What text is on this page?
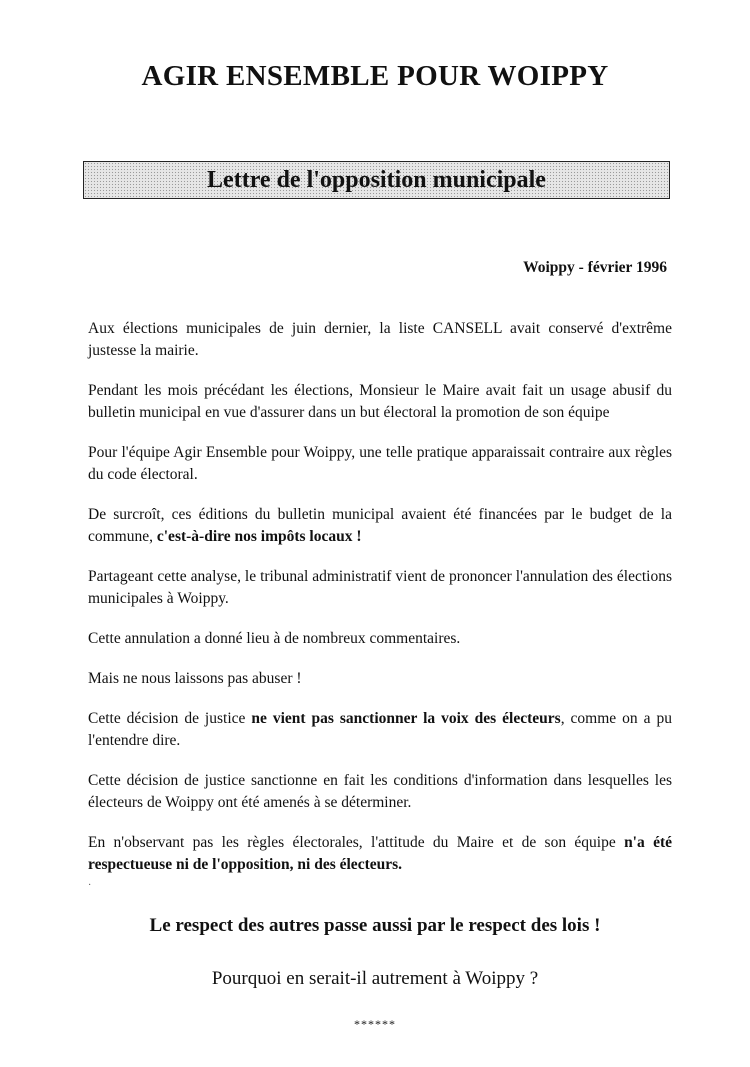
AGIR ENSEMBLE POUR WOIPPY
Lettre de l'opposition municipale
Woippy - février 1996

Aux élections municipales de juin dernier, la liste CANSELL avait conservé d'extrême justesse la mairie.

Pendant les mois précédant les élections, Monsieur le Maire avait fait un usage abusif du bulletin municipal en vue d'assurer dans un but électoral la promotion de son équipe

Pour l'équipe Agir Ensemble pour Woippy, une telle pratique apparaissait contraire aux règles du code électoral.

De surcroît, ces éditions du bulletin municipal avaient été financées par le budget de la commune, c'est-à-dire nos impôts locaux !

Partageant cette analyse, le tribunal administratif vient de prononcer l'annulation des élections municipales à Woippy.

Cette annulation a donné lieu à de nombreux commentaires.

Mais ne nous laissons pas abuser !

Cette décision de justice ne vient pas sanctionner la voix des électeurs, comme on a pu l'entendre dire.

Cette décision de justice sanctionne en fait les conditions d'information dans lesquelles les électeurs de Woippy ont été amenés à se déterminer.

En n'observant pas les règles électorales, l'attitude du Maire et de son équipe n'a été respectueuse ni de l'opposition, ni des électeurs.

·
Le respect des autres passe aussi par le respect des lois !
Pourquoi en serait-il autrement à Woippy ?
******
